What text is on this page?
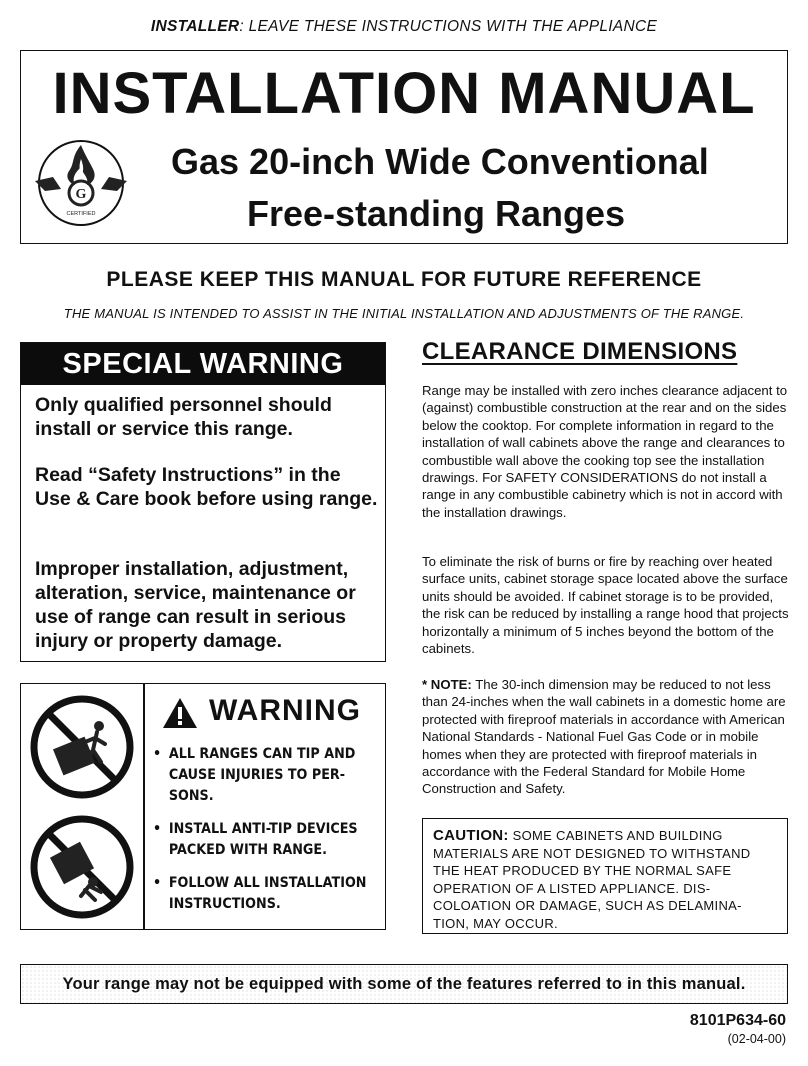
INSTALLER: LEAVE THESE INSTRUCTIONS WITH THE APPLIANCE
INSTALLATION MANUAL
G
CERTIFIED
Gas 20-inch Wide Conventional
Free-standing Ranges
PLEASE KEEP THIS MANUAL FOR FUTURE REFERENCE
THE MANUAL IS INTENDED TO ASSIST IN THE INITIAL INSTALLATION AND ADJUSTMENTS OF THE RANGE.
SPECIAL WARNING
Only qualified personnel should install or service this range.
Read “Safety Instructions” in the Use & Care book before using range.
Improper installation, adjustment, alteration, service, maintenance or use of range can result in serious injury or property damage.
WARNING
• ALL RANGES CAN TIP AND
CAUSE INJURIES TO PER-
SONS.
• INSTALL ANTI-TIP DEVICES
PACKED WITH RANGE.
• FOLLOW ALL INSTALLATION
INSTRUCTIONS.
CLEARANCE DIMENSIONS
Range may be installed with zero inches clearance adjacent to (against) combustible construction at the rear and on the sides below the cooktop. For complete information in regard to the installation of wall cabinets above the range and clearances to combustible wall above the cooking top see the installation drawings. For SAFETY CONSIDERATIONS do not install a range in any combustible cabinetry which is not in accord with the installation drawings.
To eliminate the risk of burns or fire by reaching over heated surface units, cabinet storage space located above the surface units should be avoided. If cabinet storage is to be provided, the risk can be reduced by installing a range hood that projects horizontally a minimum of 5 inches beyond the bottom of the cabinets.
* NOTE: The 30-inch dimension may be reduced to not less than 24-inches when the wall cabinets in a domestic home are protected with fireproof materials in accordance with American National Standards - National Fuel Gas Code or in mobile homes when they are protected with fireproof materials in accordance with the Federal Standard for Mobile Home Construction and Safety.
CAUTION: SOME CABINETS AND BUILDING MATERIALS ARE NOT DESIGNED TO WITHSTAND THE HEAT PRODUCED BY THE NORMAL SAFE OPERATION OF A LISTED APPLIANCE. DIS-COLOATION OR DAMAGE, SUCH AS DELAMINA-TION, MAY OCCUR.
Your range may not be equipped with some of the features referred to in this manual.
8101P634-60
(02-04-00)
